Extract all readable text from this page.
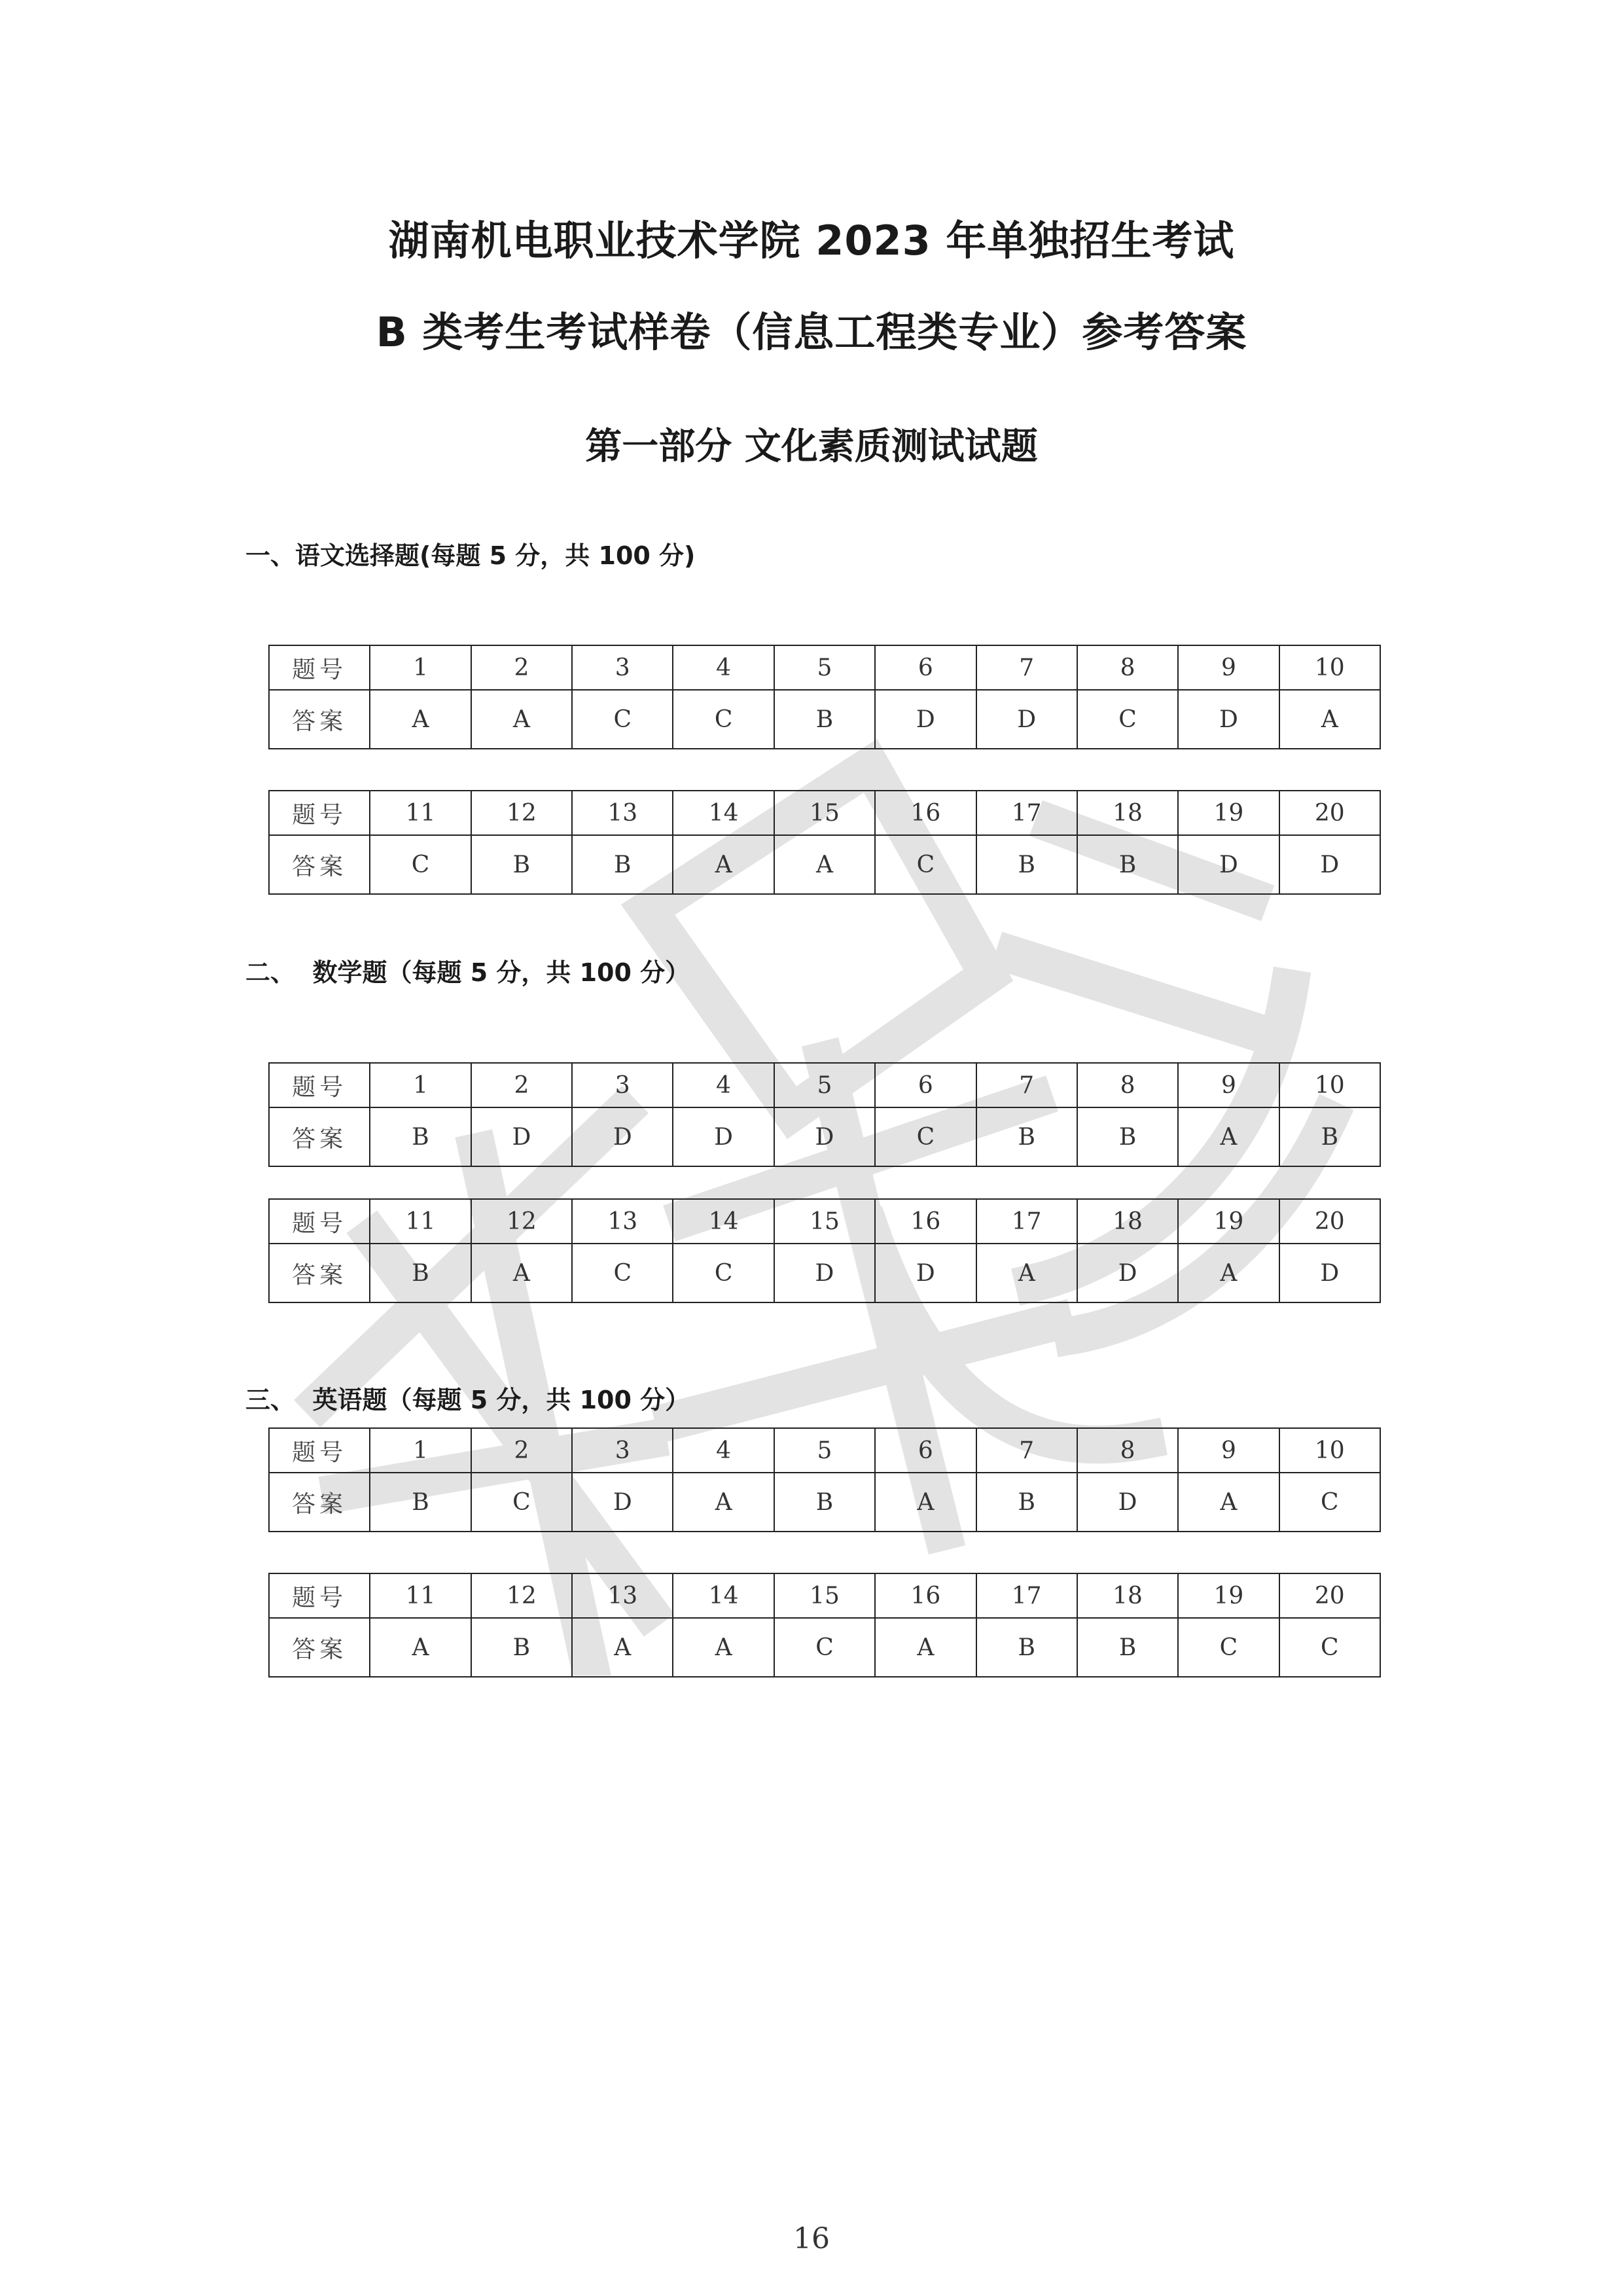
湖南机电职业技术学院 2023 年单独招生考试
B 类考生考试样卷（信息工程类专业）参考答案
第一部分 文化素质测试试题
一、语文选择题(每题 5 分，共 100 分)
二、  数学题（每题 5 分，共 100 分）
三、  英语题（每题 5 分，共 100 分）
题号	1	2	3	4	5	6	7	8	9	10
答案	A	A	C	C	B	D	D	C	D	A
题号	11	12	13	14	15	16	17	18	19	20
答案	C	B	B	A	A	C	B	B	D	D
题号	1	2	3	4	5	6	7	8	9	10
答案	B	D	D	D	D	C	B	B	A	B
题号	11	12	13	14	15	16	17	18	19	20
答案	B	A	C	C	D	D	A	D	A	D
题号	1	2	3	4	5	6	7	8	9	10
答案	B	C	D	A	B	A	B	D	A	C
题号	11	12	13	14	15	16	17	18	19	20
答案	A	B	A	A	C	A	B	B	C	C
16
